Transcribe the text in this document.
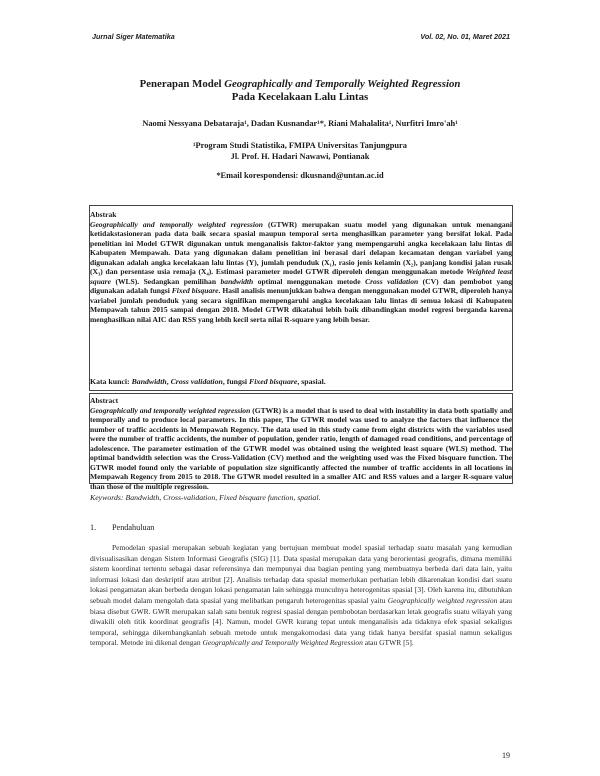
Jurnal Siger Matematika	Vol. 02, No. 01, Maret 2021
Penerapan Model Geographically and Temporally Weighted Regression
Pada Kecelakaan Lalu Lintas
Naomi Nessyana Debataraja¹, Dadan Kusnandar¹*, Riani Mahalalita¹, Nurfitri Imro'ah¹
¹Program Studi Statistika, FMIPA Universitas Tanjungpura
Jl. Prof. H. Hadari Nawawi, Pontianak
*Email korespondensi: dkusnand@untan.ac.id
Abstrak
Geographically and temporally weighted regression (GTWR) merupakan suatu model yang digunakan untuk menangani ketidakstasioneran pada data baik secara spasial maupun temporal serta menghasilkan parameter yang bersifat lokal. Pada penelitian ini Model GTWR digunakan untuk menganalisis faktor-faktor yang mempengaruhi angka kecelakaan lalu lintas di Kabupaten Mempawah. Data yang digunakan dalam penelitian ini berasal dari delapan kecamatan dengan variabel yang digunakan adalah angka kecelakaan lalu lintas (Y), jumlah penduduk (X₁), rasio jenis kelamin (X₂), panjang kondisi jalan rusak (X₃) dan persentase usia remaja (X₄). Estimasi parameter model GTWR diperoleh dengan menggunakan metode Weighted least square (WLS). Sedangkan pemilihan bandwidth optimal menggunakan metode Cross validation (CV) dan pembobot yang digunakan adalah fungsi Fixed bisquare. Hasil analisis menunjukkan bahwa dengan menggunakan model GTWR, diperoleh hanya variabel jumlah penduduk yang secara signifikan mempengaruhi angka kecelakaan lalu lintas di semua lokasi di Kabupaten Mempawah tahun 2015 sampai dengan 2018. Model GTWR dikatahui lebih baik dibandingkan model regresi berganda karena menghasilkan nilai AIC dan RSS yang lebih kecil serta nilai R-square yang lebih besar.
Kata kunci: Bandwidth, Cross validation, fungsi Fixed bisquare, spasial.
Abstract
Geographically and temporally weighted regression (GTWR) is a model that is used to deal with instability in data both spatially and temporally and to produce local parameters. In this paper, The GTWR model was used to analyze the factors that influence the number of traffic accidents in Mempawah Regency. The data used in this study came from eight districts with the variables used were the number of traffic accidents, the number of population, gender ratio, length of damaged road conditions, and percentage of adolescence. The parameter estimation of the GTWR model was obtained using the weighted least square (WLS) method. The optimal bandwidth selection was the Cross-Validation (CV) method and the weighting used was the Fixed bisquare function. The GTWR model found only the variable of population size significantly affected the number of traffic accidents in all locations in Mempawah Regency from 2015 to 2018. The GTWR model resulted in a smaller AIC and RSS values and a larger R-square value than those of the multiple regression.
Keywords: Bandwidth, Cross-validation, Fixed bisquare function, spatial.
1. Pendahuluan
Pemodelan spasial merupakan sebuah kegiatan yang bertujuan membuat model spasial terhadap suatu masalah yang kemudian divisualisasikan dengan Sistem Informasi Geografis (SIG) [1]. Data spasial merupakan data yang berorientasi geografis, dimana memiliki sistem koordinat tertentu sebagai dasar referensinya dan mempunyai dua bagian penting yang membuatnya berbeda dari data lain, yaitu informasi lokasi dan deskriptif atau atribut [2]. Analisis terhadap data spasial memerlukan perhatian lebih dikarenakan kondisi dari suatu lokasi pengamatan akan berbeda dengan lokasi pengamatan lain sehingga munculnya heterogenitas spasial [3]. Oleh karena itu, dibutuhkan sebuah model dalam mengolah data spasial yang melibatkan pengaruh heterogenitas spasial yaitu Geographically weighted regression atau biasa disebut GWR. GWR merupakan salah satu bentuk regresi spasial dengan pembobotan berdasarkan letak geografis suatu wilayah yang diwakili oleh titik koordinat geografis [4]. Namun, model GWR kurang tepat untuk menganalisis ada tidaknya efek spasial sekaligus temporal, sehingga dikembangkanlah sebuah metode untuk mengakomodasi data yang tidak hanya bersifat spasial namun sekaligus temporal. Metode ini dikenal dengan Geographically and Temporally Weighted Regression atau GTWR [5].
19
